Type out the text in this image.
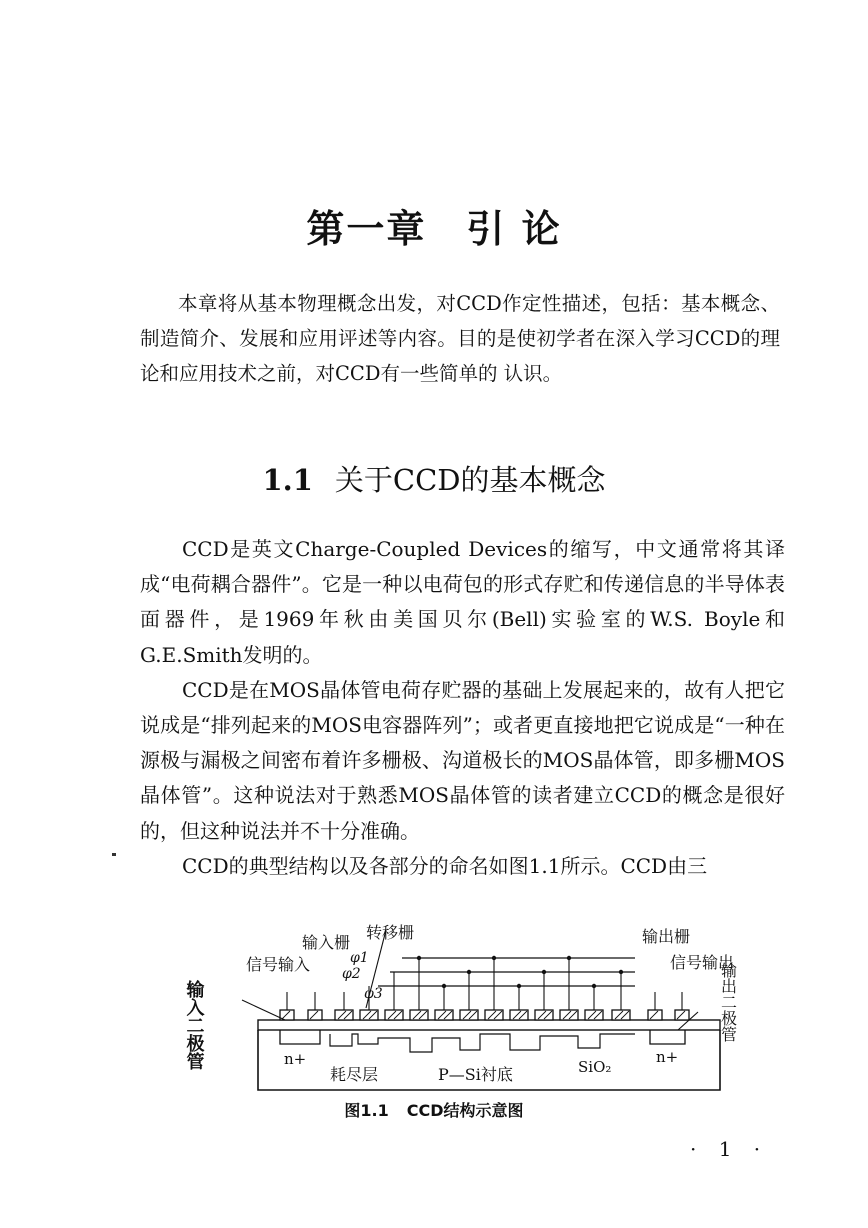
第一章 引 论
本章将从基本物理概念出发，对CCD作定性描述，包括：基本概念、制造简介、发展和应用评述等内容。目的是使初学者在深入学习CCD的理论和应用技术之前，对CCD有一些简单的 认识。
1.1 关于CCD的基本概念

CCD是英文Charge-Coupled Devices的缩写，中文通常将其译成“电荷耦合器件”。它是一种以电荷包的形式存贮和传递信息的半导体表面器件，是1969年秋由美国贝尔(Bell)实验室的W.S. Boyle和G.E.Smith发明的。

CCD是在MOS晶体管电荷存贮器的基础上发展起来的，故有人把它说成是“排列起来的MOS电容器阵列”；或者更直接地把它说成是“一种在源极与漏极之间密布着许多栅极、沟道极长的MOS晶体管，即多栅MOS晶体管”。这种说法对于熟悉MOS晶体管的读者建立CCD的概念是很好的，但这种说法并不十分准确。

CCD的典型结构以及各部分的命名如图1.1所示。CCD由三

输入二极管
信号输入
输入栅
转移栅
φ1
φ2
φ3
输出栅
信号输出
输出二极管
n+	n+
耗尽层	P—Si衬底	SiO₂
图1.1 CCD结构示意图
· 1 ·
